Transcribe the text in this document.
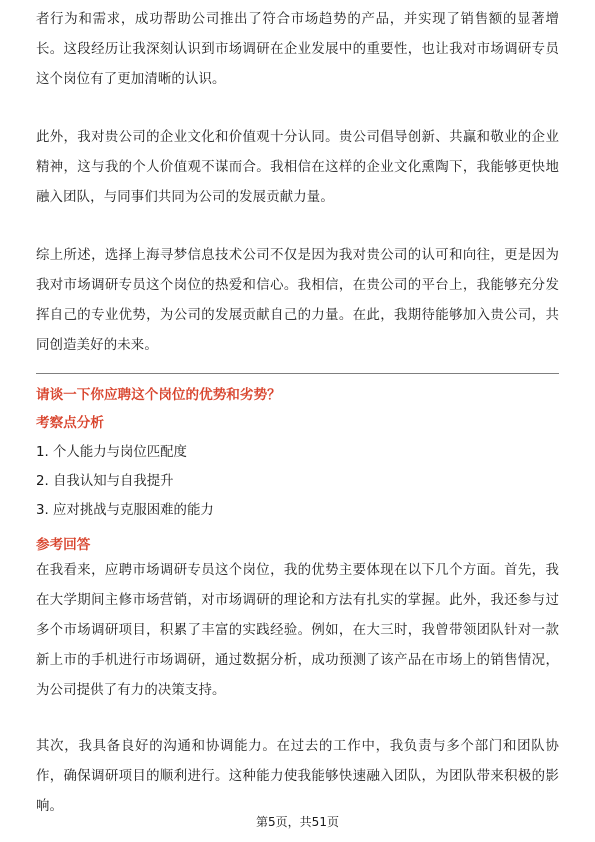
者行为和需求，成功帮助公司推出了符合市场趋势的产品，并实现了销售额的显著增长。这段经历让我深刻认识到市场调研在企业发展中的重要性，也让我对市场调研专员这个岗位有了更加清晰的认识。

此外，我对贵公司的企业文化和价值观十分认同。贵公司倡导创新、共赢和敬业的企业精神，这与我的个人价值观不谋而合。我相信在这样的企业文化熏陶下，我能够更快地融入团队，与同事们共同为公司的发展贡献力量。

综上所述，选择上海寻梦信息技术公司不仅是因为我对贵公司的认可和向往，更是因为我对市场调研专员这个岗位的热爱和信心。我相信，在贵公司的平台上，我能够充分发挥自己的专业优势，为公司的发展贡献自己的力量。在此，我期待能够加入贵公司，共同创造美好的未来。

请谈一下你应聘这个岗位的优势和劣势？
考察点分析
1. 个人能力与岗位匹配度
2. 自我认知与自我提升
3. 应对挑战与克服困难的能力
参考回答

在我看来，应聘市场调研专员这个岗位，我的优势主要体现在以下几个方面。首先，我在大学期间主修市场营销，对市场调研的理论和方法有扎实的掌握。此外，我还参与过多个市场调研项目，积累了丰富的实践经验。例如，在大三时，我曾带领团队针对一款新上市的手机进行市场调研，通过数据分析，成功预测了该产品在市场上的销售情况，为公司提供了有力的决策支持。

其次，我具备良好的沟通和协调能力。在过去的工作中，我负责与多个部门和团队协作，确保调研项目的顺利进行。这种能力使我能够快速融入团队，为团队带来积极的影响。

第5页，共51页
